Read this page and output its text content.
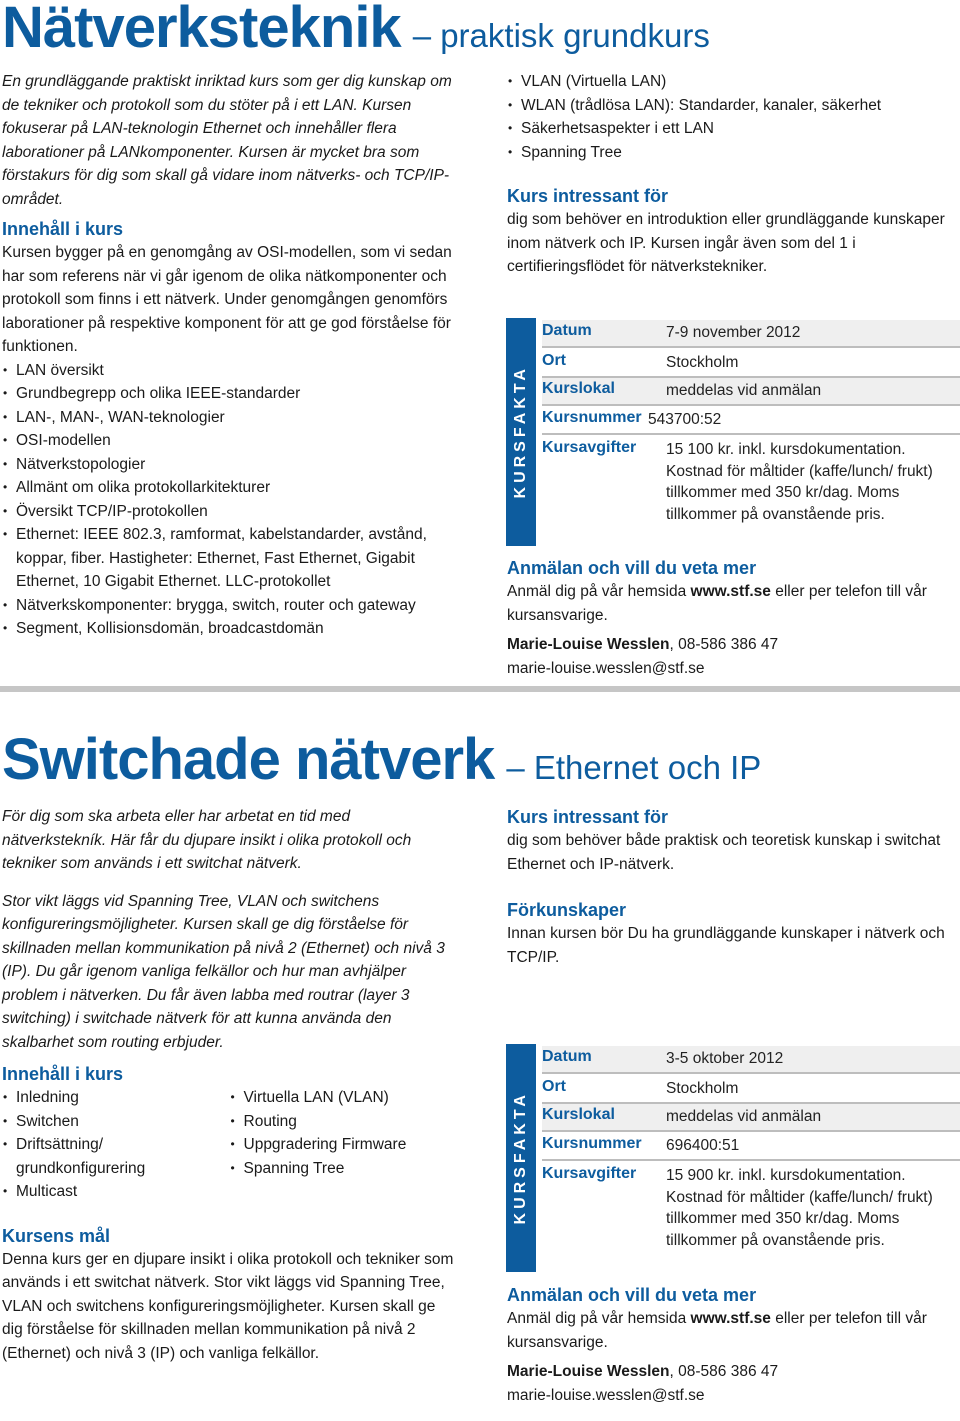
Nätverksteknik – praktisk grundkurs

En grundläggande praktiskt inriktad kurs som ger dig kunskap om de tekniker och protokoll som du stöter på i ett LAN. Kursen fokuserar på LAN-teknologin Ethernet och innehåller flera laborationer på LANkomponenter. Kursen är mycket bra som förstakurs för dig som skall gå vidare inom nätverks- och TCP/IP-området.

Innehåll i kurs

Kursen bygger på en genomgång av OSI-modellen, som vi sedan har som referens när vi går igenom de olika nätkomponenter och protokoll som finns i ett nätverk. Under genomgången genomförs laborationer på respektive komponent för att ge god förståelse för funktionen.

• LAN översikt
• Grundbegrepp och olika IEEE-standarder
• LAN-, MAN-, WAN-teknologier
• OSI-modellen
• Nätverkstopologier
• Allmänt om olika protokollarkitekturer
• Översikt TCP/IP-protokollen
• Ethernet: IEEE 802.3, ramformat, kabelstandarder, avstånd, koppar, fiber. Hastigheter: Ethernet, Fast Ethernet, Gigabit Ethernet, 10 Gigabit Ethernet. LLC-protokollet
• Nätverkskomponenter: brygga, switch, router och gateway
• Segment, Kollisionsdomän, broadcastdomän
• VLAN (Virtuella LAN)
• WLAN (trådlösa LAN): Standarder, kanaler, säkerhet
• Säkerhetsaspekter i ett LAN
• Spanning Tree
Kurs intressant för

dig som behöver en introduktion eller grundläggande kunskaper inom nätverk och IP. Kursen ingår även som del 1 i certifieringsflödet för nätverkstekniker.

KURSFAKTA
Datum	7-9 november 2012
Ort	Stockholm
Kurslokal	meddelas vid anmälan
Kursnummer 543700:52
Kursavgifter 15 100 kr. inkl. kursdokumentation. Kostnad för måltider (kaffe/lunch/ frukt) tillkommer med 350 kr/dag. Moms tillkommer på ovanstående pris.
Anmälan och vill du veta mer

Anmäl dig på vår hemsida www.stf.se eller per telefon till vår kursansvarige.

Marie-Louise Wesslen, 08-586 386 47

marie-louise.wesslen@stf.se

Switchade nätverk – Ethernet och IP

För dig som ska arbeta eller har arbetat en tid med nätverkstekník. Här får du djupare insikt i olika protokoll och tekniker som används i ett switchat nätverk.

Stor vikt läggs vid Spanning Tree, VLAN och switchens konfigureringsmöjligheter. Kursen skall ge dig förståelse för skillnaden mellan kommunikation på nivå 2 (Ethernet) och nivå 3 (IP). Du går igenom vanliga felkällor och hur man avhjälper problem i nätverken. Du får även labba med routrar (layer 3 switching) i switchade nätverk för att kunna använda den skalbarhet som routing erbjuder.

Innehåll i kurs
• Inledning
• Switchen
• Driftsättning/ grundkonfigurering
• Multicast
• Virtuella LAN (VLAN)
• Routing
• Uppgradering Firmware
• Spanning Tree
Kursens mål

Denna kurs ger en djupare insikt i olika protokoll och tekniker som används i ett switchat nätverk. Stor vikt läggs vid Spanning Tree, VLAN och switchens konfigureringsmöjligheter. Kursen skall ge dig förståelse för skillnaden mellan kommunikation på nivå 2 (Ethernet) och nivå 3 (IP) och vanliga felkällor.

Kurs intressant för

dig som behöver både praktisk och teoretisk kunskap i switchat Ethernet och IP-nätverk.

Förkunskaper

Innan kursen bör Du ha grundläggande kunskaper i nätverk och TCP/IP.

KURSFAKTA
Datum	3-5 oktober 2012
Ort	Stockholm
Kurslokal	meddelas vid anmälan
Kursnummer 696400:51
Kursavgifter 15 900 kr. inkl. kursdokumentation. Kostnad för måltider (kaffe/lunch/ frukt) tillkommer med 350 kr/dag. Moms tillkommer på ovanstående pris.
Anmälan och vill du veta mer

Anmäl dig på vår hemsida www.stf.se eller per telefon till vår kursansvarige.

Marie-Louise Wesslen, 08-586 386 47

marie-louise.wesslen@stf.se
